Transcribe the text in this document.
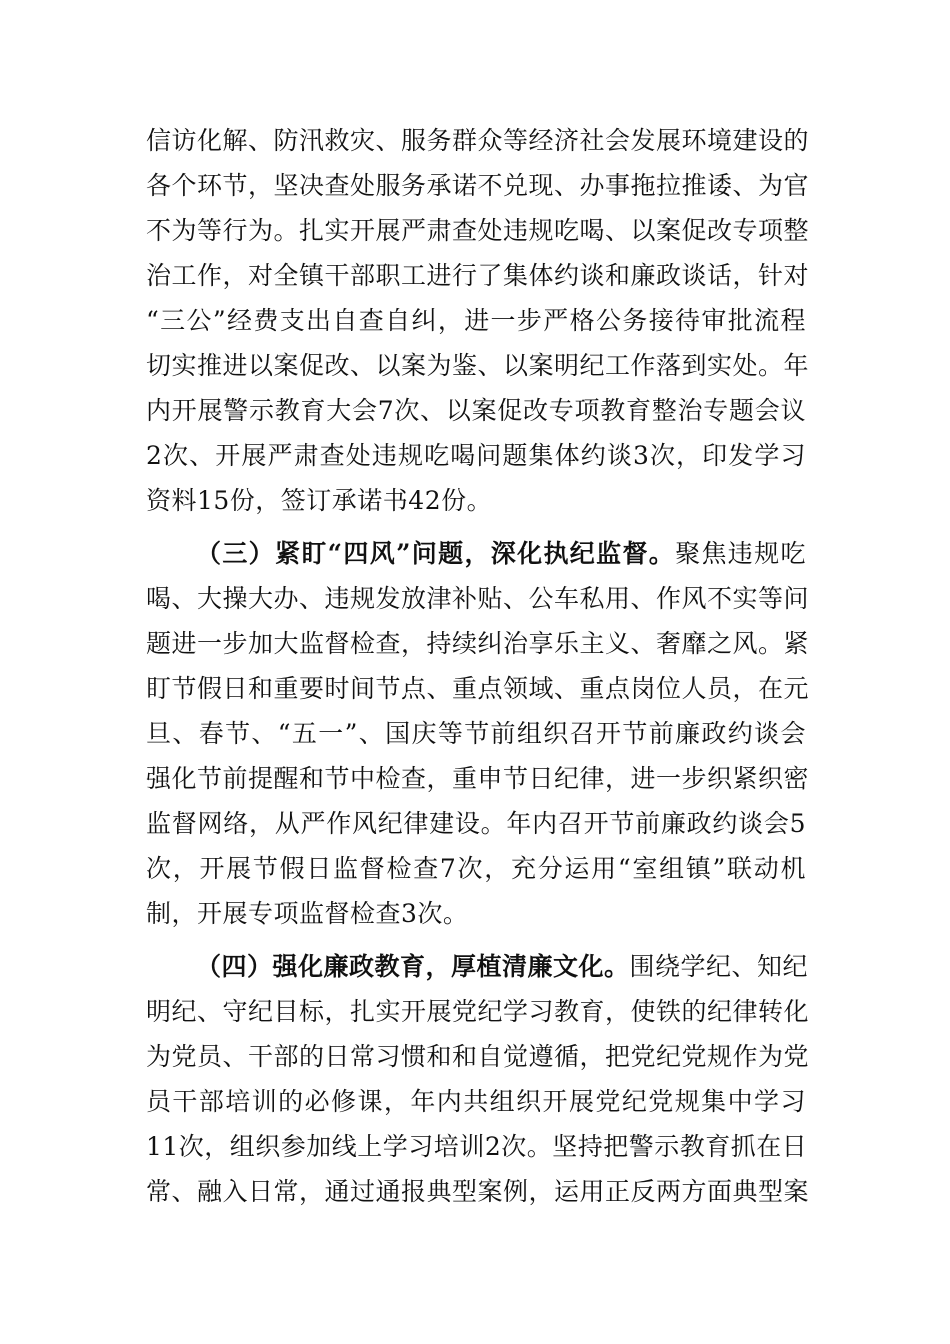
信访化解、防汛救灾、服务群众等经济社会发展环境建设的
各个环节，坚决查处服务承诺不兑现、办事拖拉推诿、为官
不为等行为。扎实开展严肃查处违规吃喝、以案促改专项整
治工作，对全镇干部职工进行了集体约谈和廉政谈话，针对
“三公”经费支出自查自纠，进一步严格公务接待审批流程
切实推进以案促改、以案为鉴、以案明纪工作落到实处。年
内开展警示教育大会7次、以案促改专项教育整治专题会议
2次、开展严肃查处违规吃喝问题集体约谈3次，印发学习
资料15份，签订承诺书42份。
（三）紧盯“四风”问题，深化执纪监督。聚焦违规吃
喝、大操大办、违规发放津补贴、公车私用、作风不实等问
题进一步加大监督检查，持续纠治享乐主义、奢靡之风。紧
盯节假日和重要时间节点、重点领域、重点岗位人员，在元
旦、春节、“五一”、国庆等节前组织召开节前廉政约谈会
强化节前提醒和节中检查，重申节日纪律，进一步织紧织密
监督网络，从严作风纪律建设。年内召开节前廉政约谈会5
次，开展节假日监督检查7次，充分运用“室组镇”联动机
制，开展专项监督检查3次。
（四）强化廉政教育，厚植清廉文化。围绕学纪、知纪
明纪、守纪目标，扎实开展党纪学习教育，使铁的纪律转化
为党员、干部的日常习惯和和自觉遵循，把党纪党规作为党
员干部培训的必修课，年内共组织开展党纪党规集中学习
11次，组织参加线上学习培训2次。坚持把警示教育抓在日
常、融入日常，通过通报典型案例，运用正反两方面典型案
